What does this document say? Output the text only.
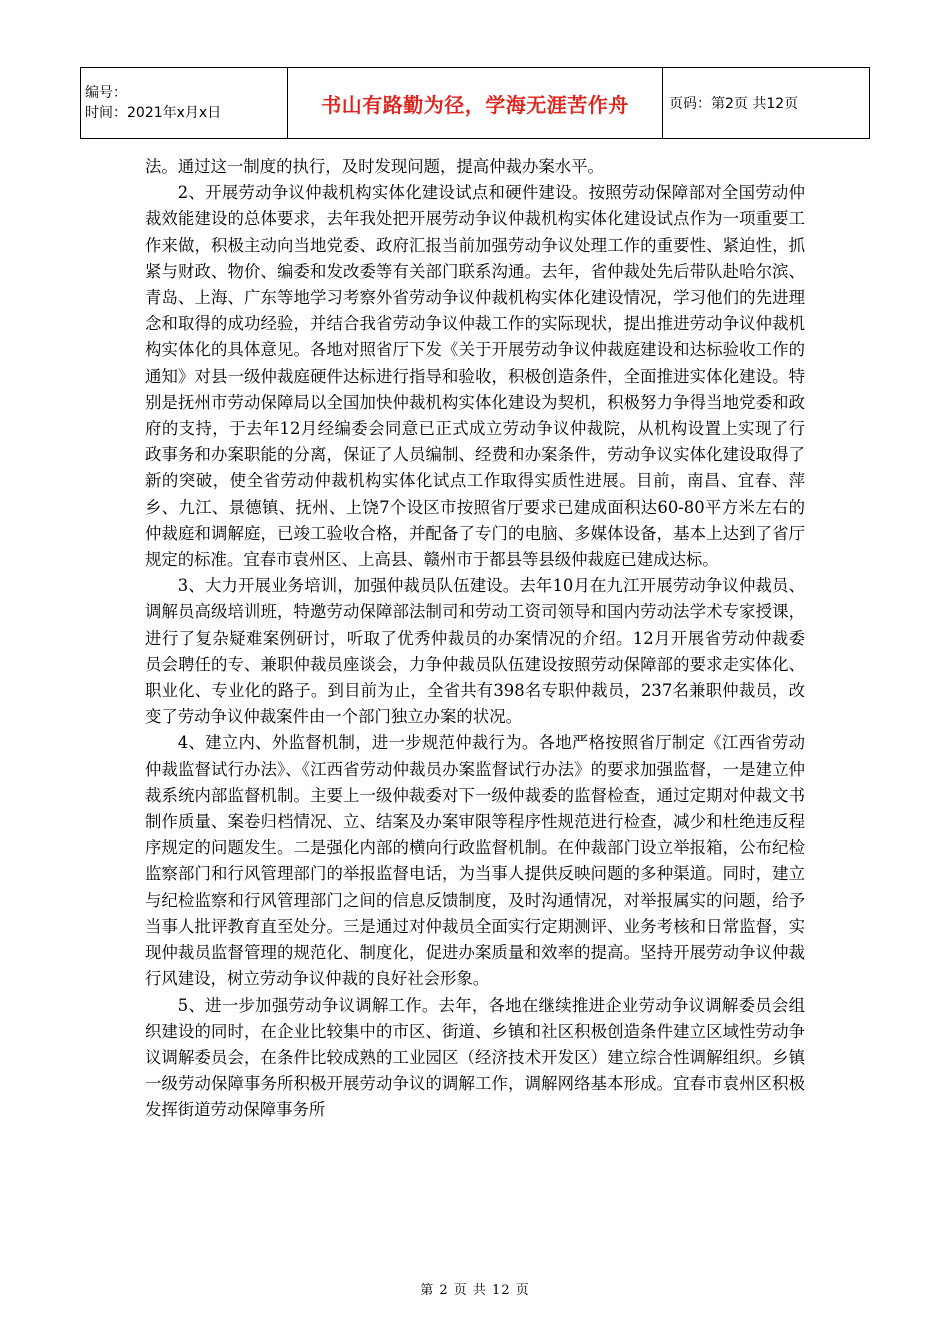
编号：
时间：2021年x月x日	书山有路勤为径，学海无涯苦作舟	页码：第2页 共12页

法。通过这一制度的执行，及时发现问题，提高仲裁办案水平。

2、开展劳动争议仲裁机构实体化建设试点和硬件建设。按照劳动保障部对全国劳动仲裁效能建设的总体要求，去年我处把开展劳动争议仲裁机构实体化建设试点作为一项重要工作来做，积极主动向当地党委、政府汇报当前加强劳动争议处理工作的重要性、紧迫性，抓紧与财政、物价、编委和发改委等有关部门联系沟通。去年，省仲裁处先后带队赴哈尔滨、青岛、上海、广东等地学习考察外省劳动争议仲裁机构实体化建设情况，学习他们的先进理念和取得的成功经验，并结合我省劳动争议仲裁工作的实际现状，提出推进劳动争议仲裁机构实体化的具体意见。各地对照省厅下发《关于开展劳动争议仲裁庭建设和达标验收工作的通知》对县一级仲裁庭硬件达标进行指导和验收，积极创造条件，全面推进实体化建设。特别是抚州市劳动保障局以全国加快仲裁机构实体化建设为契机，积极努力争得当地党委和政府的支持，于去年12月经编委会同意已正式成立劳动争议仲裁院，从机构设置上实现了行政事务和办案职能的分离，保证了人员编制、经费和办案条件，劳动争议实体化建设取得了新的突破，使全省劳动仲裁机构实体化试点工作取得实质性进展。目前，南昌、宜春、萍乡、九江、景德镇、抚州、上饶7个设区市按照省厅要求已建成面积达60-80平方米左右的仲裁庭和调解庭，已竣工验收合格，并配备了专门的电脑、多媒体设备，基本上达到了省厅规定的标准。宜春市袁州区、上高县、赣州市于都县等县级仲裁庭已建成达标。

3、大力开展业务培训，加强仲裁员队伍建设。去年10月在九江开展劳动争议仲裁员、调解员高级培训班，特邀劳动保障部法制司和劳动工资司领导和国内劳动法学术专家授课，进行了复杂疑难案例研讨，听取了优秀仲裁员的办案情况的介绍。12月开展省劳动仲裁委员会聘任的专、兼职仲裁员座谈会，力争仲裁员队伍建设按照劳动保障部的要求走实体化、职业化、专业化的路子。到目前为止，全省共有398名专职仲裁员，237名兼职仲裁员，改变了劳动争议仲裁案件由一个部门独立办案的状况。

4、建立内、外监督机制，进一步规范仲裁行为。各地严格按照省厅制定《江西省劳动仲裁监督试行办法》、《江西省劳动仲裁员办案监督试行办法》的要求加强监督，一是建立仲裁系统内部监督机制。主要上一级仲裁委对下一级仲裁委的监督检查，通过定期对仲裁文书制作质量、案卷归档情况、立、结案及办案审限等程序性规范进行检查，减少和杜绝违反程序规定的问题发生。二是强化内部的横向行政监督机制。在仲裁部门设立举报箱，公布纪检监察部门和行风管理部门的举报监督电话，为当事人提供反映问题的多种渠道。同时，建立与纪检监察和行风管理部门之间的信息反馈制度，及时沟通情况，对举报属实的问题，给予当事人批评教育直至处分。三是通过对仲裁员全面实行定期测评、业务考核和日常监督，实现仲裁员监督管理的规范化、制度化，促进办案质量和效率的提高。坚持开展劳动争议仲裁行风建设，树立劳动争议仲裁的良好社会形象。

5、进一步加强劳动争议调解工作。去年，各地在继续推进企业劳动争议调解委员会组织建设的同时，在企业比较集中的市区、街道、乡镇和社区积极创造条件建立区域性劳动争议调解委员会，在条件比较成熟的工业园区（经济技术开发区）建立综合性调解组织。乡镇一级劳动保障事务所积极开展劳动争议的调解工作，调解网络基本形成。宜春市袁州区积极发挥街道劳动保障事务所

第 2 页 共 12 页
